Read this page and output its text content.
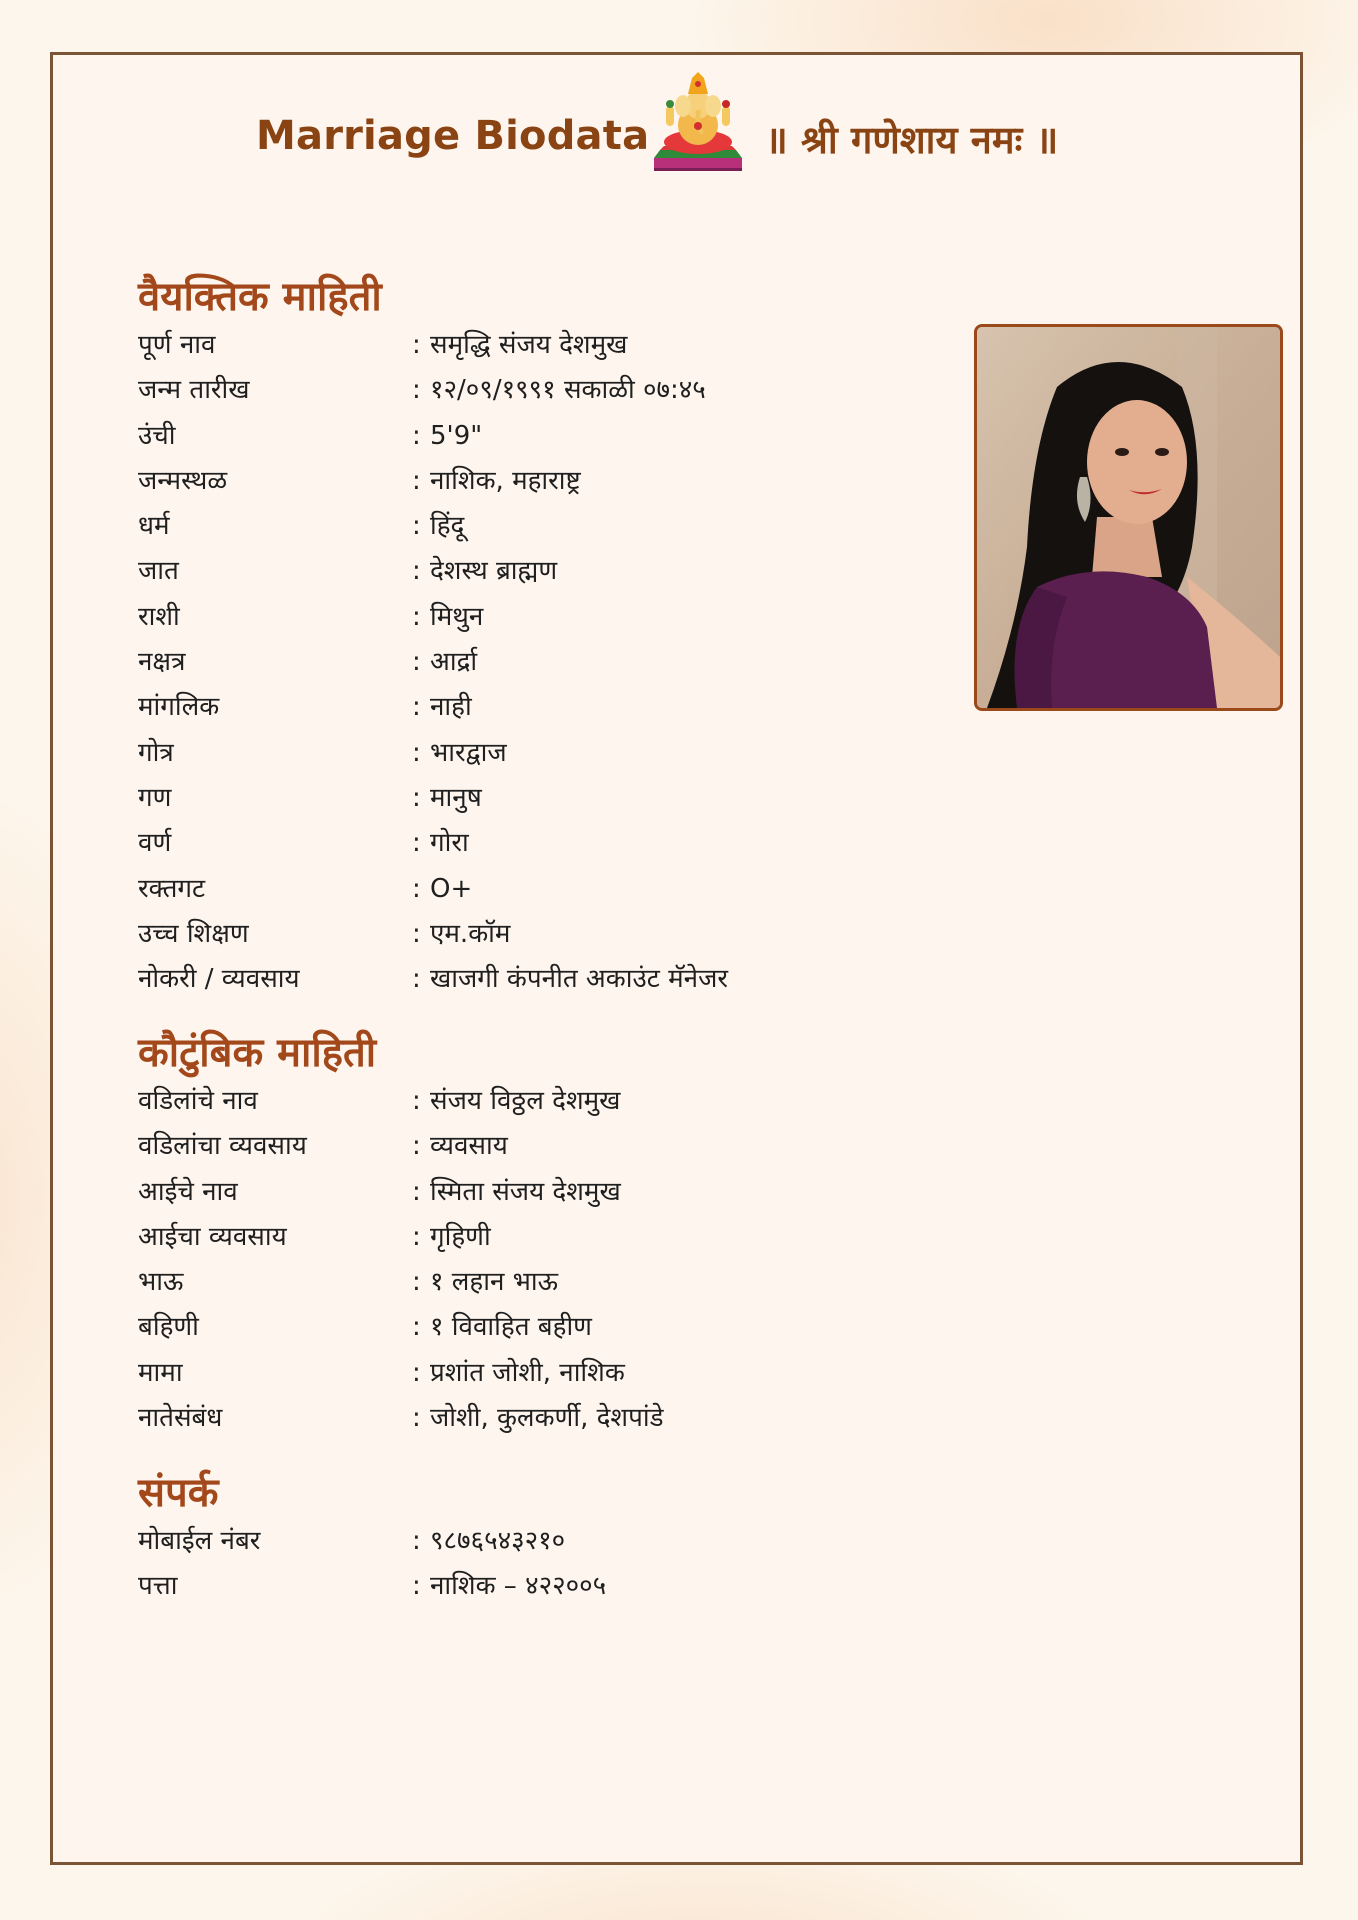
Marriage Biodata	॥ श्री गणेशाय नमः ॥
वैयक्तिक माहिती
पूर्ण नाव	: समृद्धि संजय देशमुख
जन्म तारीख	: १२/०९/१९९१ सकाळी ०७:४५
उंची	: 5'9"
जन्मस्थळ	: नाशिक, महाराष्ट्र
धर्म	: हिंदू
जात	: देशस्थ ब्राह्मण
राशी	: मिथुन
नक्षत्र	: आर्द्रा
मांगलिक	: नाही
गोत्र	: भारद्वाज
गण	: मानुष
वर्ण	: गोरा
रक्तगट	: O+
उच्च शिक्षण	: एम.कॉम
नोकरी / व्यवसाय	: खाजगी कंपनीत अकाउंट मॅनेजर
कौटुंबिक माहिती
वडिलांचे नाव	: संजय विठ्ठल देशमुख
वडिलांचा व्यवसाय	: व्यवसाय
आईचे नाव	: स्मिता संजय देशमुख
आईचा व्यवसाय	: गृहिणी
भाऊ	: १ लहान भाऊ
बहिणी	: १ विवाहित बहीण
मामा	: प्रशांत जोशी, नाशिक
नातेसंबंध	: जोशी, कुलकर्णी, देशपांडे
संपर्क
मोबाईल नंबर	: ९८७६५४३२१०
पत्ता	: नाशिक – ४२२००५
